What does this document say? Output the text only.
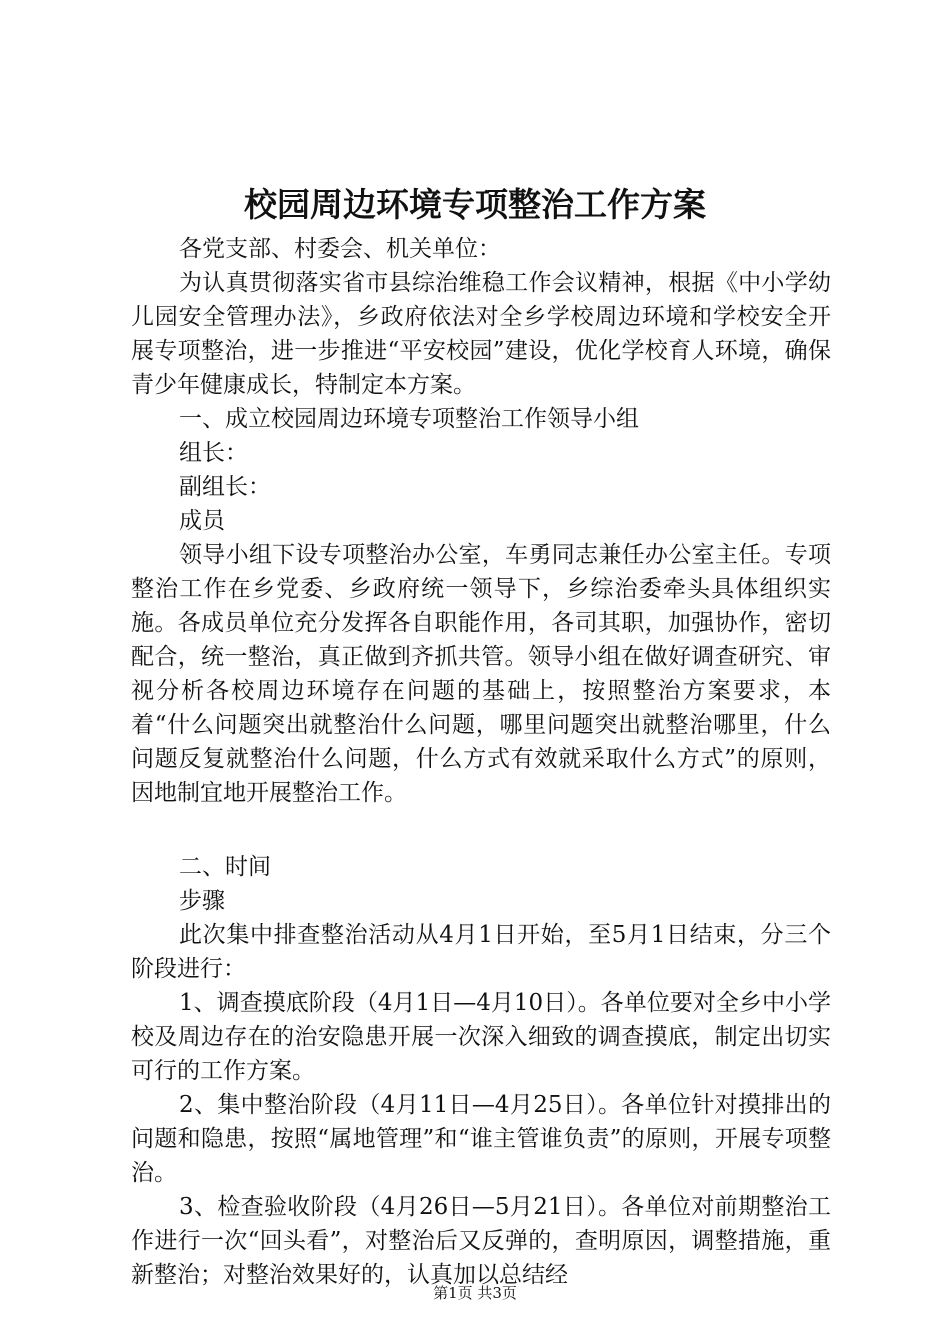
校园周边环境专项整治工作方案

各党支部、村委会、机关单位：

为认真贯彻落实省市县综治维稳工作会议精神，根据《中小学幼儿园安全管理办法》，乡政府依法对全乡学校周边环境和学校安全开展专项整治，进一步推进“平安校园”建设，优化学校育人环境，确保青少年健康成长，特制定本方案。

一、成立校园周边环境专项整治工作领导小组

组长：

副组长：

成员

领导小组下设专项整治办公室，车勇同志兼任办公室主任。专项整治工作在乡党委、乡政府统一领导下，乡综治委牵头具体组织实施。各成员单位充分发挥各自职能作用，各司其职，加强协作，密切配合，统一整治，真正做到齐抓共管。领导小组在做好调查研究、审视分析各校周边环境存在问题的基础上，按照整治方案要求，本着“什么问题突出就整治什么问题，哪里问题突出就整治哪里，什么问题反复就整治什么问题，什么方式有效就采取什么方式”的原则，因地制宜地开展整治工作。

二、时间

步骤

此次集中排查整治活动从4月1日开始，至5月1日结束，分三个阶段进行：

1、调查摸底阶段（4月1日—4月10日）。各单位要对全乡中小学校及周边存在的治安隐患开展一次深入细致的调查摸底，制定出切实可行的工作方案。

2、集中整治阶段（4月11日—4月25日）。各单位针对摸排出的问题和隐患，按照“属地管理”和“谁主管谁负责”的原则，开展专项整治。

3、检查验收阶段（4月26日—5月21日）。各单位对前期整治工作进行一次“回头看”，对整治后又反弹的，查明原因，调整措施，重新整治；对整治效果好的，认真加以总结经

第1页 共3页
